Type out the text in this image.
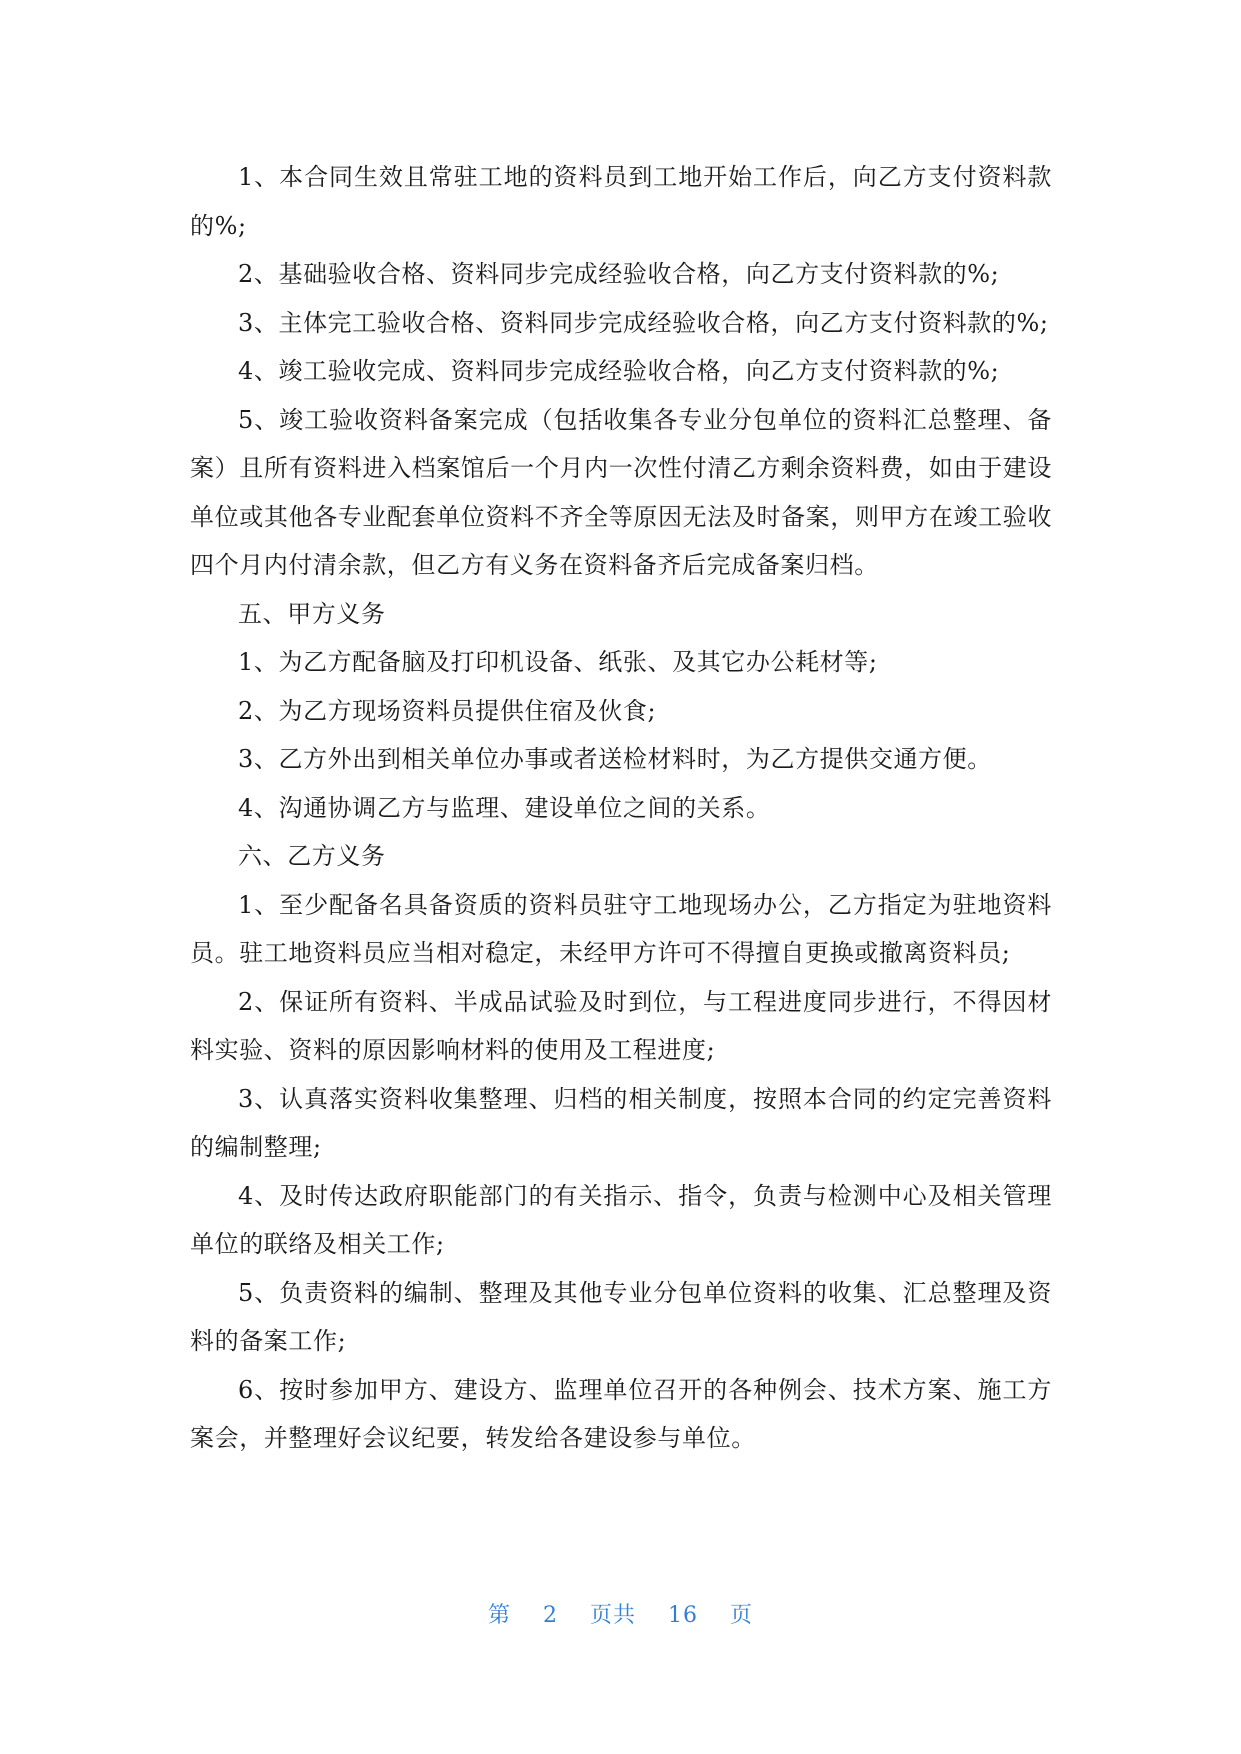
1、本合同生效且常驻工地的资料员到工地开始工作后，向乙方支付资料款的%;

2、基础验收合格、资料同步完成经验收合格，向乙方支付资料款的%;

3、主体完工验收合格、资料同步完成经验收合格，向乙方支付资料款的%;

4、竣工验收完成、资料同步完成经验收合格，向乙方支付资料款的%;

5、竣工验收资料备案完成（包括收集各专业分包单位的资料汇总整理、备案）且所有资料进入档案馆后一个月内一次性付清乙方剩余资料费，如由于建设单位或其他各专业配套单位资料不齐全等原因无法及时备案，则甲方在竣工验收四个月内付清余款，但乙方有义务在资料备齐后完成备案归档。

五、甲方义务

1、为乙方配备脑及打印机设备、纸张、及其它办公耗材等;

2、为乙方现场资料员提供住宿及伙食;

3、乙方外出到相关单位办事或者送检材料时，为乙方提供交通方便。

4、沟通协调乙方与监理、建设单位之间的关系。

六、乙方义务

1、至少配备名具备资质的资料员驻守工地现场办公，乙方指定为驻地资料员。驻工地资料员应当相对稳定，未经甲方许可不得擅自更换或撤离资料员;

2、保证所有资料、半成品试验及时到位，与工程进度同步进行，不得因材料实验、资料的原因影响材料的使用及工程进度;

3、认真落实资料收集整理、归档的相关制度，按照本合同的约定完善资料的编制整理;

4、及时传达政府职能部门的有关指示、指令，负责与检测中心及相关管理单位的联络及相关工作;

5、负责资料的编制、整理及其他专业分包单位资料的收集、汇总整理及资料的备案工作;

6、按时参加甲方、建设方、监理单位召开的各种例会、技术方案、施工方案会，并整理好会议纪要，转发给各建设参与单位。

第 2 页共 16 页
